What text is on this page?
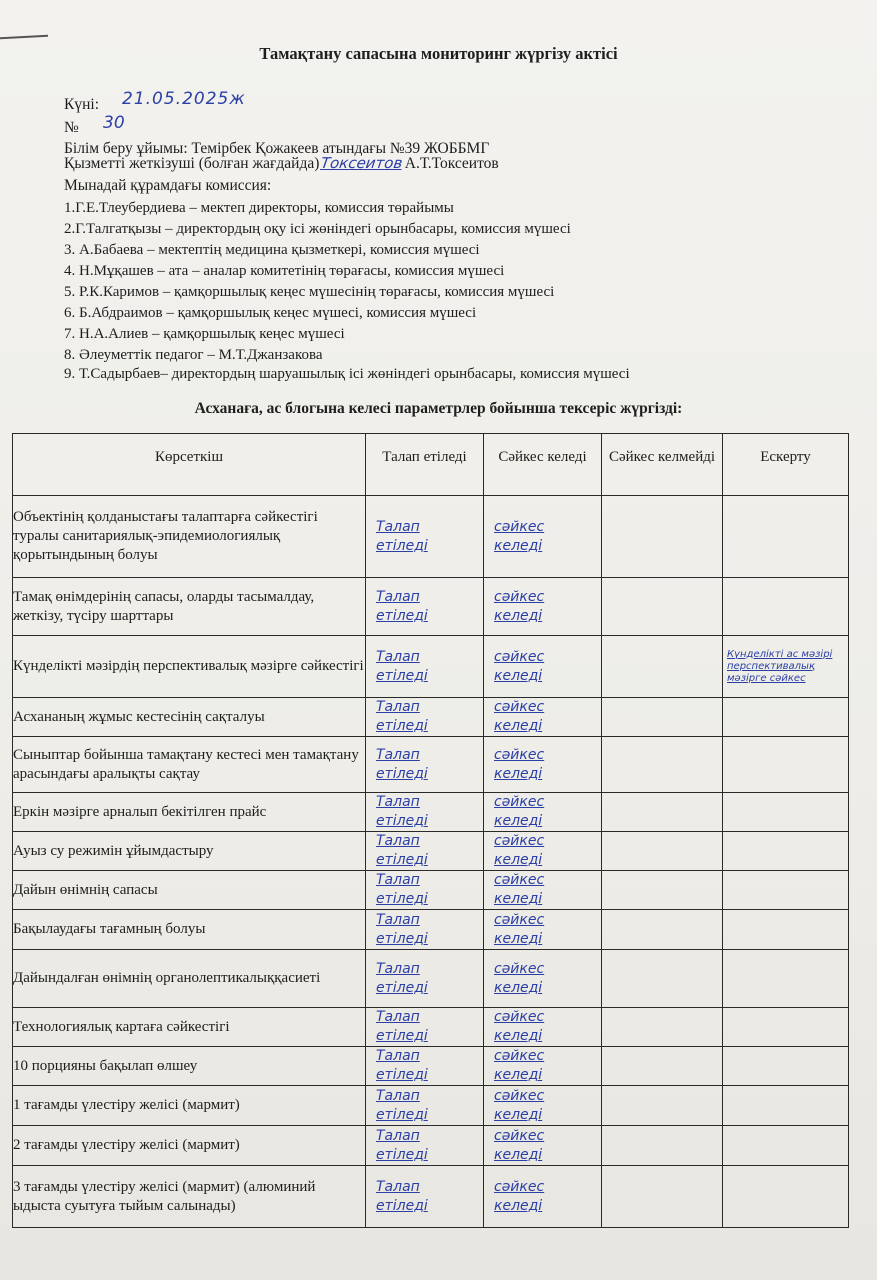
Тамақтану сапасына мониторинг жүргізу актісі
Күні: 21.05.2025ж
№ 30
Білім беру ұйымы: Темірбек Қожакеев атындағы №39 ЖОББМГ
Қызметті жеткізуші (болған жағдайда)ТоксеитовА.Т.Токсеитов
Мынадай құрамдағы комиссия:
1.Г.Е.Тлеубердиева – мектеп директоры, комиссия төрайымы
2.Г.Талгатқызы – директордың оқу ісі жөніндегі орынбасары, комиссия мүшесі
3. А.Бабаева – мектептің медицина қызметкері, комиссия мүшесі
4. Н.Мұқашев – ата – аналар комитетінің төрағасы, комиссия мүшесі
5. Р.К.Каримов – қамқоршылық кеңес мүшесінің төрағасы, комиссия мүшесі
6. Б.Абдраимов – қамқоршылық кеңес мүшесі, комиссия мүшесі
7. Н.А.Алиев – қамқоршылық кеңес мүшесі
8. Әлеуметтік педагог – М.Т.Джанзакова
9. Т.Садырбаев– директордың шаруашылық ісі жөніндегі орынбасары, комиссия мүшесі
Асханаға, ас блогына келесі параметрлер бойынша тексеріс жүргізді:
Көрсеткіш	Талап етіледі	Сәйкес келеді	Сәйкес келмейді	Ескерту
Объектінің қолданыстағы талаптарға сәйкестігі туралы санитариялық-эпидемиологиялық қорытындының болуы	Талап
етіледі	сәйкес
келеді		

Тамақ өнімдерінің сапасы, оларды тасымалдау, жеткізу, түсіру шарттары	Талап
етіледі	сәйкес
келеді		

Күнделікті мәзірдің перспективалық мәзірге сәйкестігі	Талап
етіледі	сәйкес
келеді		Күнделікті ас мәзірі перспективалық мәзірге сәйкес

Асхананың жұмыс кестесінің сақталуы	Талап
етіледі	сәйкес
келеді		

Сыныптар бойынша тамақтану кестесі мен тамақтану арасындағы аралықты сақтау	Талап
етіледі	сәйкес
келеді		

Еркін мәзірге арналып бекітілген прайс	Талап
етіледі	сәйкес
келеді		

Ауыз су режимін ұйымдастыру	Талап
етіледі	сәйкес
келеді		

Дайын өнімнің сапасы	Талап
етіледі	сәйкес
келеді		

Бақылаудағы тағамның болуы	Талап
етіледі	сәйкес
келеді		

Дайындалған өнімнің органолептикалыққасиеті	Талап
етіледі	сәйкес
келеді		

Технологиялық картаға сәйкестігі	Талап
етіледі	сәйкес
келеді		

10 порцияны бақылап өлшеу	Талап
етіледі	сәйкес
келеді		

1 тағамды үлестіру желісі (мармит)	Талап
етіледі	сәйкес
келеді		

2 тағамды үлестіру желісі (мармит)	Талап
етіледі	сәйкес
келеді		

3 тағамды үлестіру желісі (мармит) (алюминий ыдыста суытуға тыйым салынады)	Талап
етіледі	сәйкес
келеді		
